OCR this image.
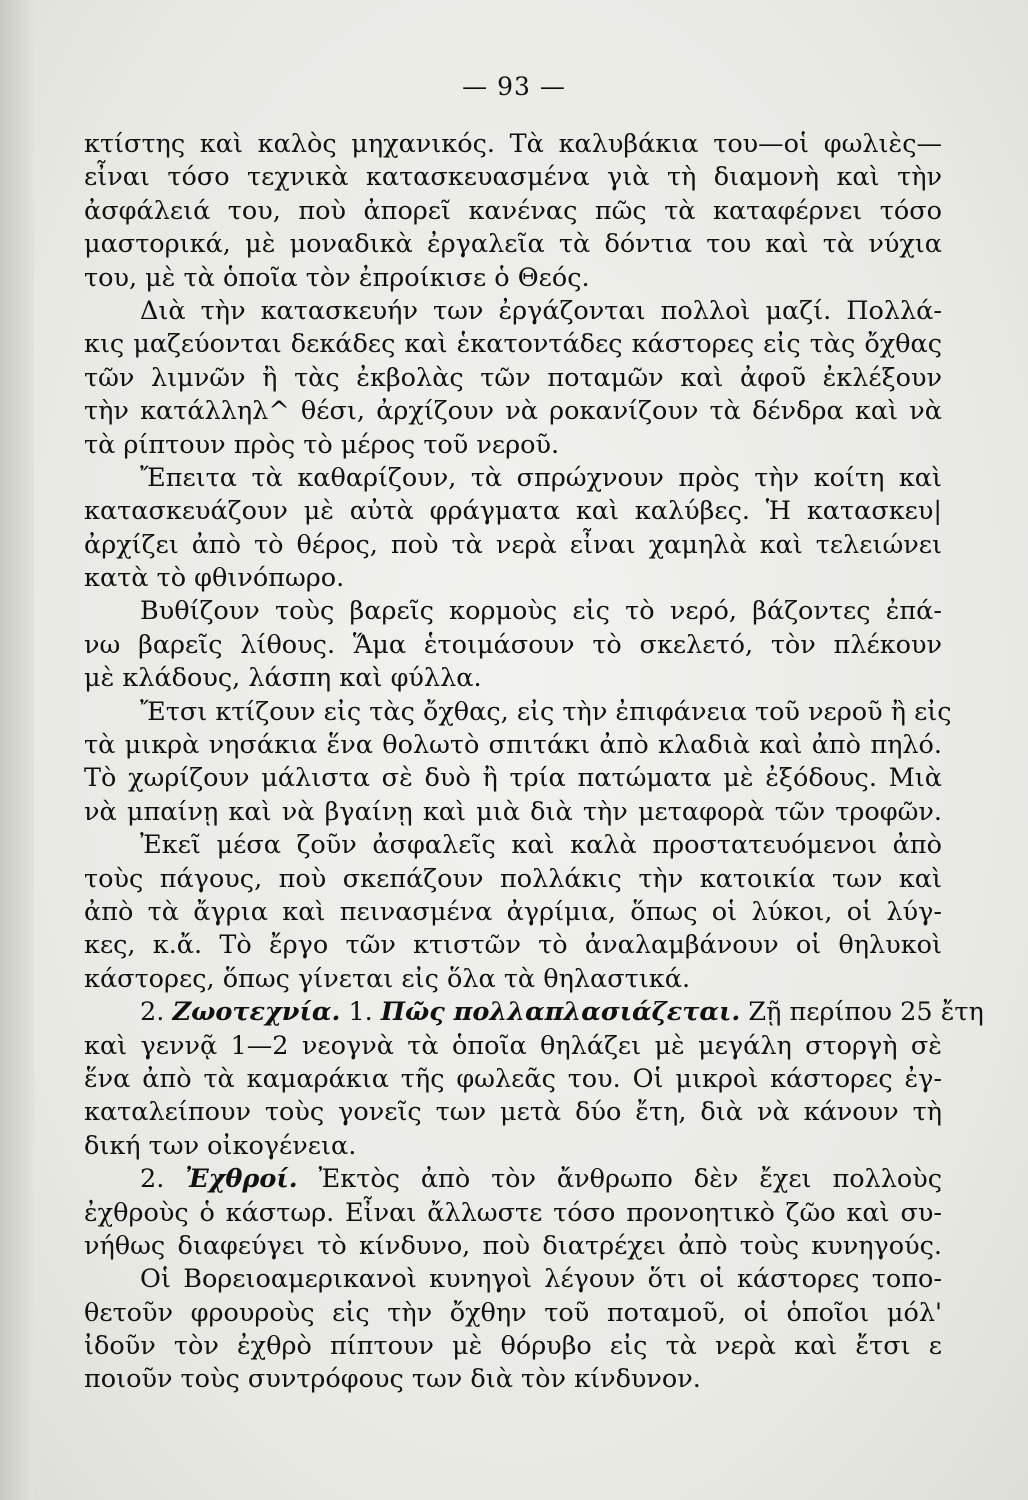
— 93 —
κτίστης καὶ καλὸς μηχανικός. Τὰ καλυβάκια του—οἱ φωλιὲς—
εἶναι τόσο τεχνικὰ κατασκευασμένα γιὰ τὴ διαμονὴ καὶ τὴν
ἀσφάλειά του, ποὺ ἀπορεῖ κανένας πῶς τὰ καταφέρνει τόσο
μαστορικά, μὲ μοναδικὰ ἐργαλεῖα τὰ δόντια του καὶ τὰ νύχια
του, μὲ τὰ ὁποῖα τὸν ἐπροίκισε ὁ Θεός.
Διὰ τὴν κατασκευήν των ἐργάζονται πολλοὶ μαζί. Πολλά-
κις μαζεύονται δεκάδες καὶ ἑκατοντάδες κάστορες εἰς τὰς ὄχθας
τῶν λιμνῶν ἢ τὰς ἐκβολὰς τῶν ποταμῶν καὶ ἀφοῦ ἐκλέξουν
τὴν κατάλληλ^ θέσι, ἀρχίζουν νὰ ροκανίζουν τὰ δένδρα καὶ νὰ
τὰ ρίπτουν πρὸς τὸ μέρος τοῦ νεροῦ.
Ἔπειτα τὰ καθαρίζουν, τὰ σπρώχνουν πρὸς τὴν κοίτη καὶ
κατασκευάζουν μὲ αὐτὰ φράγματα καὶ καλύβες. Ἡ κατασκευ|
ἀρχίζει ἀπὸ τὸ θέρος, ποὺ τὰ νερὰ εἶναι χαμηλὰ καὶ τελειώνει
κατὰ τὸ φθινόπωρο.
Βυθίζουν τοὺς βαρεῖς κορμοὺς εἰς τὸ νερό, βάζοντες ἐπά-
νω βαρεῖς λίθους. Ἅμα ἑτοιμάσουν τὸ σκελετό, τὸν πλέκουν
μὲ κλάδους, λάσπη καὶ φύλλα.
Ἔτσι κτίζουν εἰς τὰς ὄχθας, εἰς τὴν ἐπιφάνεια τοῦ νεροῦ ἢ εἰς
τὰ μικρὰ νησάκια ἕνα θολωτὸ σπιτάκι ἀπὸ κλαδιὰ καὶ ἀπὸ πηλό.
Τὸ χωρίζουν μάλιστα σὲ δυὸ ἢ τρία πατώματα μὲ ἐξόδους. Μιὰ
νὰ μπαίνῃ καὶ νὰ βγαίνῃ καὶ μιὰ διὰ τὴν μεταφορὰ τῶν τροφῶν.
Ἐκεῖ μέσα ζοῦν ἀσφαλεῖς καὶ καλὰ προστατευόμενοι ἀπὸ
τοὺς πάγους, ποὺ σκεπάζουν πολλάκις τὴν κατοικία των καὶ
ἀπὸ τὰ ἄγρια καὶ πεινασμένα ἀγρίμια, ὅπως οἱ λύκοι, οἱ λύγ-
κες, κ.ἄ. Τὸ ἔργο τῶν κτιστῶν τὸ ἀναλαμβάνουν οἱ θηλυκοὶ
κάστορες, ὅπως γίνεται εἰς ὅλα τὰ θηλαστικά.
2. Ζωοτεχνία. 1. Πῶς πολλαπλασιάζεται. Ζῇ περίπου 25 ἔτη
καὶ γεννᾷ 1—2 νεογνὰ τὰ ὁποῖα θηλάζει μὲ μεγάλη στοργὴ σὲ
ἕνα ἀπὸ τὰ καμαράκια τῆς φωλεᾶς του. Οἱ μικροὶ κάστορες ἐγ-
καταλείπουν τοὺς γονεῖς των μετὰ δύο ἔτη, διὰ νὰ κάνουν τὴ
δική των οἰκογένεια.
2. Ἐχθροί. Ἐκτὸς ἀπὸ τὸν ἄνθρωπο δὲν ἔχει πολλοὺς
ἐχθροὺς ὁ κάστωρ. Εἶναι ἄλλωστε τόσο προνοητικὸ ζῶο καὶ συ-
νήθως διαφεύγει τὸ κίνδυνο, ποὺ διατρέχει ἀπὸ τοὺς κυνηγούς.
Οἱ Βορειοαμερικανοὶ κυνηγοὶ λέγουν ὅτι οἱ κάστορες τοπο-
θετοῦν φρουροὺς εἰς τὴν ὄχθην τοῦ ποταμοῦ, οἱ ὁποῖοι μόλ'
ἰδοῦν τὸν ἐχθρὸ πίπτουν μὲ θόρυβο εἰς τὰ νερὰ καὶ ἔτσι ε
ποιοῦν τοὺς συντρόφους των διὰ τὸν κίνδυνον.
